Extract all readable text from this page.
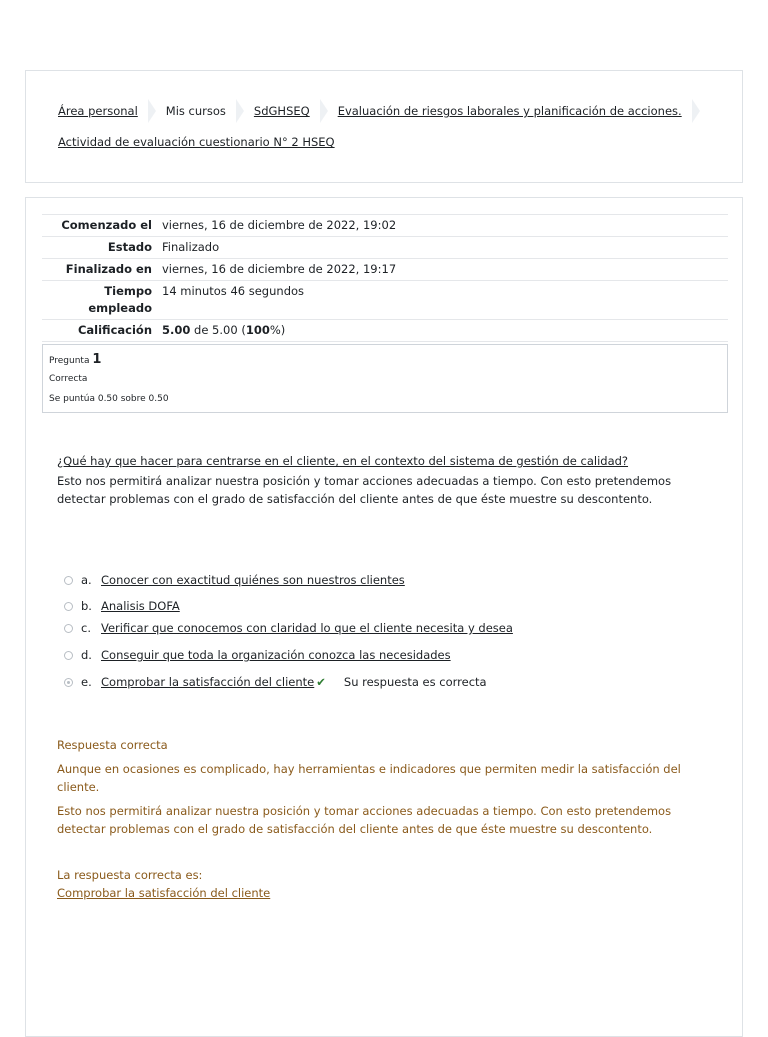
Área personal Mis cursos SdGHSEQ Evaluación de riesgos laborales y planificación de acciones.
Actividad de evaluación cuestionario N° 2 HSEQ
Comenzado el	viernes, 16 de diciembre de 2022, 19:02
Estado	Finalizado
Finalizado en	viernes, 16 de diciembre de 2022, 19:17
Tiempo empleado	14 minutos 46 segundos
Calificación	5.00 de 5.00 (100%)
Pregunta 1
Correcta
Se puntúa 0.50 sobre 0.50
¿Qué hay que hacer para centrarse en el cliente, en el contexto del sistema de gestión de calidad?
Esto nos permitirá analizar nuestra posición y tomar acciones adecuadas a tiempo. Con esto pretendemos detectar problemas con el grado de satisfacción del cliente antes de que éste muestre su descontento.
a. Conocer con exactitud quiénes son nuestros clientes
b. Analisis DOFA
c. Verificar que conocemos con claridad lo que el cliente necesita y desea
d. Conseguir que toda la organización conozca las necesidades
e. Comprobar la satisfacción del cliente ✔ Su respuesta es correcta

Respuesta correcta

Aunque en ocasiones es complicado, hay herramientas e indicadores que permiten medir la satisfacción del cliente.

Esto nos permitirá analizar nuestra posición y tomar acciones adecuadas a tiempo. Con esto pretendemos detectar problemas con el grado de satisfacción del cliente antes de que éste muestre su descontento.

La respuesta correcta es:
Comprobar la satisfacción del cliente
